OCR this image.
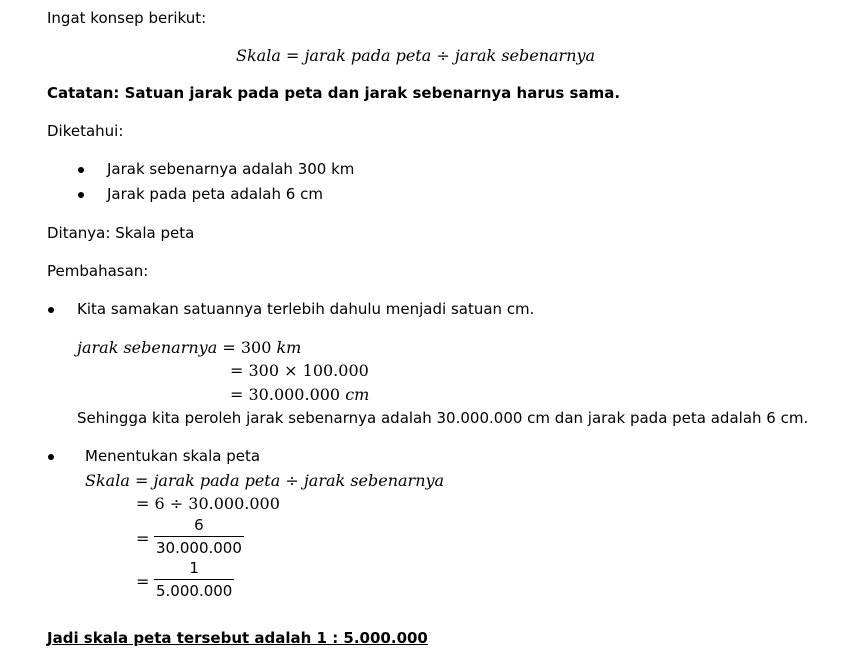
Ingat konsep berikut:
Skala = jarak pada peta ÷ jarak sebenarnya
Catatan: Satuan jarak pada peta dan jarak sebenarnya harus sama.
Diketahui:
Jarak sebenarnya adalah 300 km
Jarak pada peta adalah 6 cm
Ditanya: Skala peta
Pembahasan:
Kita samakan satuannya terlebih dahulu menjadi satuan cm.
jarak sebenarnya = 300 km
= 300 × 100.000
= 30.000.000 cm
Sehingga kita peroleh jarak sebenarnya adalah 30.000.000 cm dan jarak pada peta adalah 6 cm.
Menentukan skala peta
Skala = jarak pada peta ÷ jarak sebenarnya
= 6 ÷ 30.000.000
= $\frac{6}{30.000.000}$
= $\frac{1}{5.000.000}$
Jadi skala peta tersebut adalah 1 : 5.000.000
